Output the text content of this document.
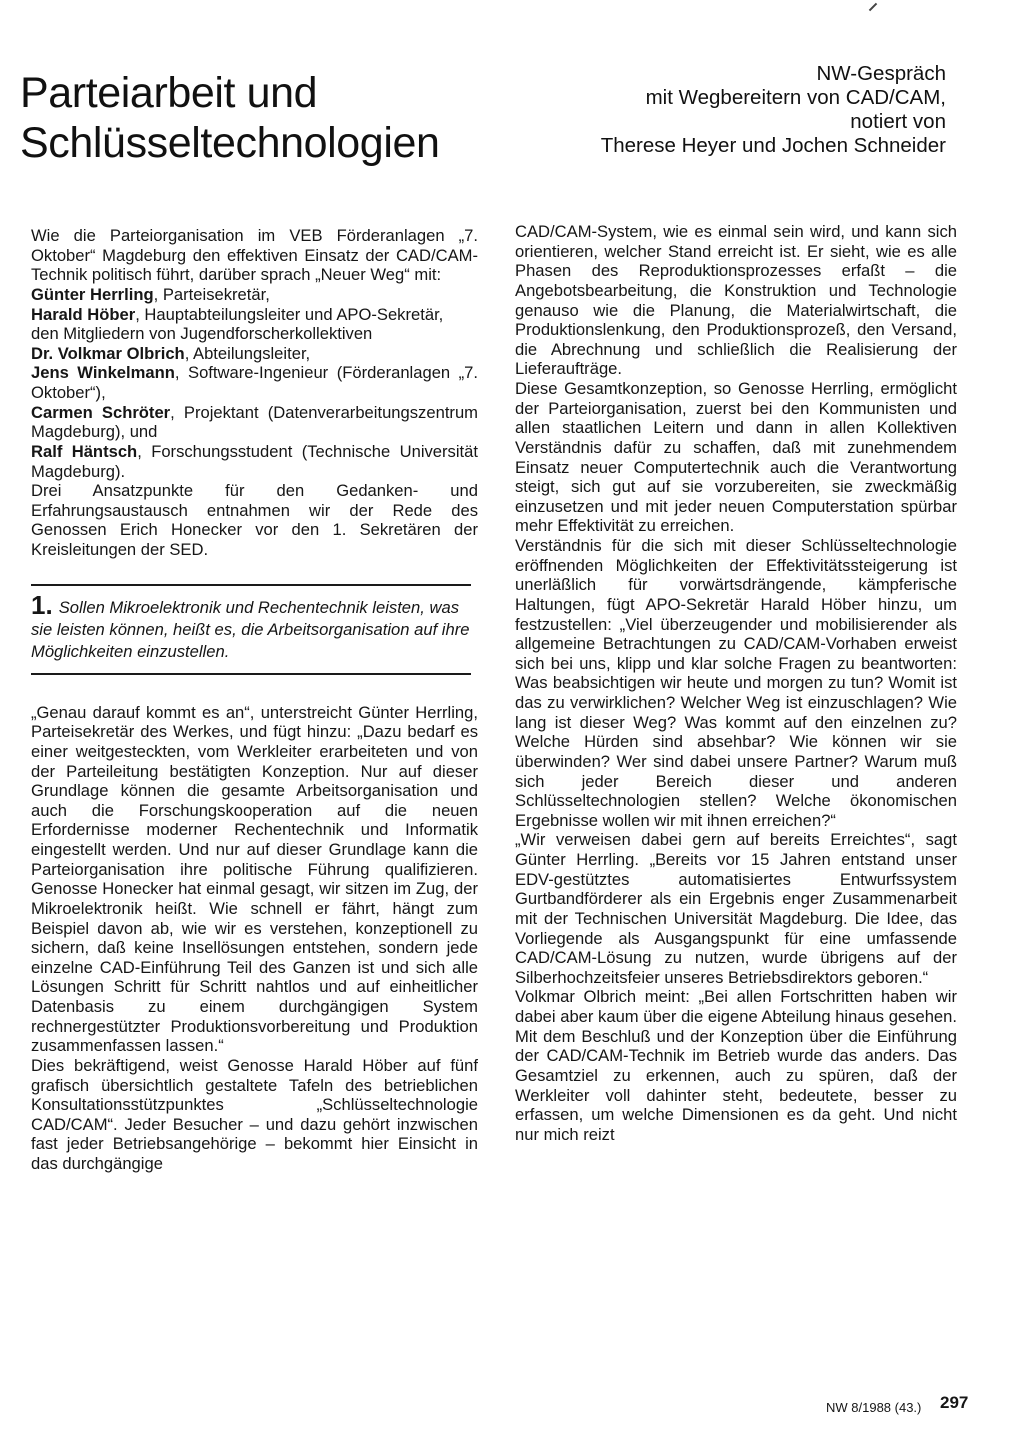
Parteiarbeit und
Schlüsseltechnologien
NW-Gespräch
mit Wegbereitern von CAD/CAM,
notiert von
Therese Heyer und Jochen Schneider

Wie die Parteiorganisation im VEB Förderanlagen „7. Oktober“ Magdeburg den effektiven Einsatz der CAD/CAM-Technik politisch führt, darüber sprach „Neuer Weg“ mit:

Günter Herrling, Parteisekretär,

Harald Höber, Hauptabteilungsleiter und APO-Sekretär,

den Mitgliedern von Jugendforscherkollektiven

Dr. Volkmar Olbrich, Abteilungsleiter,

Jens Winkelmann, Software-Ingenieur (Förderanlagen „7. Oktober“),

Carmen Schröter, Projektant (Datenverarbeitungszentrum Magdeburg), und

Ralf Häntsch, Forschungsstudent (Technische Universität Magdeburg).

Drei Ansatzpunkte für den Gedanken- und Erfahrungsaustausch entnahmen wir der Rede des Genossen Erich Honecker vor den 1. Sekretären der Kreisleitungen der SED.

1. Sollen Mikroelektronik und Rechentechnik leisten, was sie leisten können, heißt es, die Arbeitsorganisation auf ihre Möglichkeiten einzustellen.

„Genau darauf kommt es an“, unterstreicht Günter Herrling, Parteisekretär des Werkes, und fügt hinzu: „Dazu bedarf es einer weitgesteckten, vom Werkleiter erarbeiteten und von der Parteileitung bestätigten Konzeption. Nur auf dieser Grundlage können die gesamte Arbeitsorganisation und auch die Forschungskooperation auf die neuen Erfordernisse moderner Rechentechnik und Informatik eingestellt werden. Und nur auf dieser Grundlage kann die Parteiorganisation ihre politische Führung qualifizieren. Genosse Honecker hat einmal gesagt, wir sitzen im Zug, der Mikroelektronik heißt. Wie schnell er fährt, hängt zum Beispiel davon ab, wie wir es verstehen, konzeptionell zu sichern, daß keine Insellösungen entstehen, sondern jede einzelne CAD-Einführung Teil des Ganzen ist und sich alle Lösungen Schritt für Schritt nahtlos und auf einheitlicher Datenbasis zu einem durchgängigen System rechnergestützter Produktionsvorbereitung und Produktion zusammenfassen lassen.“

Dies bekräftigend, weist Genosse Harald Höber auf fünf grafisch übersichtlich gestaltete Tafeln des betrieblichen Konsultationsstützpunktes „Schlüsseltechnologie CAD/CAM“. Jeder Besucher – und dazu gehört inzwischen fast jeder Betriebsangehörige – bekommt hier Einsicht in das durchgängige

CAD/CAM-System, wie es einmal sein wird, und kann sich orientieren, welcher Stand erreicht ist. Er sieht, wie es alle Phasen des Reproduktionsprozesses erfaßt – die Angebotsbearbeitung, die Konstruktion und Technologie genauso wie die Planung, die Materialwirtschaft, die Produktionslenkung, den Produktionsprozeß, den Versand, die Abrechnung und schließlich die Realisierung der Lieferaufträge.

Diese Gesamtkonzeption, so Genosse Herrling, ermöglicht der Parteiorganisation, zuerst bei den Kommunisten und allen staatlichen Leitern und dann in allen Kollektiven Verständnis dafür zu schaffen, daß mit zunehmendem Einsatz neuer Computertechnik auch die Verantwortung steigt, sich gut auf sie vorzubereiten, sie zweckmäßig einzusetzen und mit jeder neuen Computerstation spürbar mehr Effektivität zu erreichen.

Verständnis für die sich mit dieser Schlüsseltechnologie eröffnenden Möglichkeiten der Effektivitätssteigerung ist unerläßlich für vorwärtsdrängende, kämpferische Haltungen, fügt APO-Sekretär Harald Höber hinzu, um festzustellen: „Viel überzeugender und mobilisierender als allgemeine Betrachtungen zu CAD/CAM-Vorhaben erweist sich bei uns, klipp und klar solche Fragen zu beantworten: Was beabsichtigen wir heute und morgen zu tun? Womit ist das zu verwirklichen? Welcher Weg ist einzuschlagen? Wie lang ist dieser Weg? Was kommt auf den einzelnen zu? Welche Hürden sind absehbar? Wie können wir sie überwinden? Wer sind dabei unsere Partner? Warum muß sich jeder Bereich dieser und anderen Schlüsseltechnologien stellen? Welche ökonomischen Ergebnisse wollen wir mit ihnen erreichen?“

„Wir verweisen dabei gern auf bereits Erreichtes“, sagt Günter Herrling. „Bereits vor 15 Jahren entstand unser EDV-gestütztes automatisiertes Entwurfssystem Gurtbandförderer als ein Ergebnis enger Zusammenarbeit mit der Technischen Universität Magdeburg. Die Idee, das Vorliegende als Ausgangspunkt für eine umfassende CAD/CAM-Lösung zu nutzen, wurde übrigens auf der Silberhochzeitsfeier unseres Betriebsdirektors geboren.“

Volkmar Olbrich meint: „Bei allen Fortschritten haben wir dabei aber kaum über die eigene Abteilung hinaus gesehen. Mit dem Beschluß und der Konzeption über die Einführung der CAD/CAM-Technik im Betrieb wurde das anders. Das Gesamtziel zu erkennen, auch zu spüren, daß der Werkleiter voll dahinter steht, bedeutete, besser zu erfassen, um welche Dimensionen es da geht. Und nicht nur mich reizt

NW 8/1988 (43.)	297
